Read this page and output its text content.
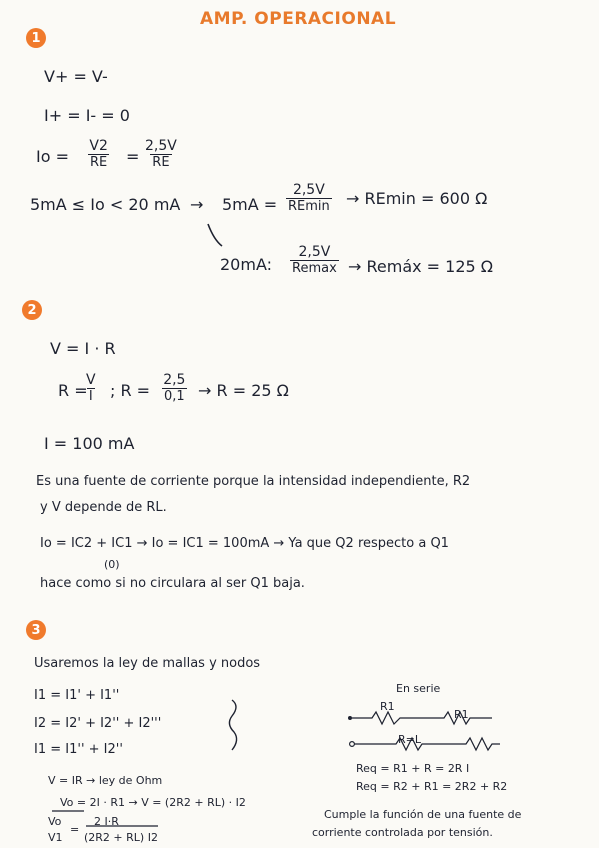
AMP. OPERACIONAL
1
V+ = V-
I+ = I- = 0
$Io = \frac{V2}{RE} = \frac{2,5V}{RE}$
5mA ≤ Io < 20 mA → 5mA =
2,5V
REmin → REmin = 600 Ω
20mA:
2,5V
Remax → Remáx = 125 Ω
2
V = I · R
R =
$\frac{V}{I}$ ; $R = \frac{2,5}{0,1} \to R = 25$ Ω
I = 100 mA
Es una fuente de corriente porque la intensidad independiente, R2
y V depende de RL.
Io = IC2 + IC1 → Io = IC1 = 100mA → Ya que Q2 respecto a Q1
(0)
hace como si no circulara al ser Q1 baja.
3
Usaremos la ley de mallas y nodos
I1 = I1' + I1''
I2 = I2' + I2'' + I2'''
I1 = I1'' + I2''
V = IR → ley de Ohm
Vo = 2I · R1 → V = (2R2 + RL) · I2
Vo
V1
=
2 I·R
(2R2 + RL) I2
En serie
R1
R1
R=L
Req = R1 + R = 2R I
Req = R2 + R1 = 2R2 + R2
Cumple la función de una fuente de
corriente controlada por tensión.
